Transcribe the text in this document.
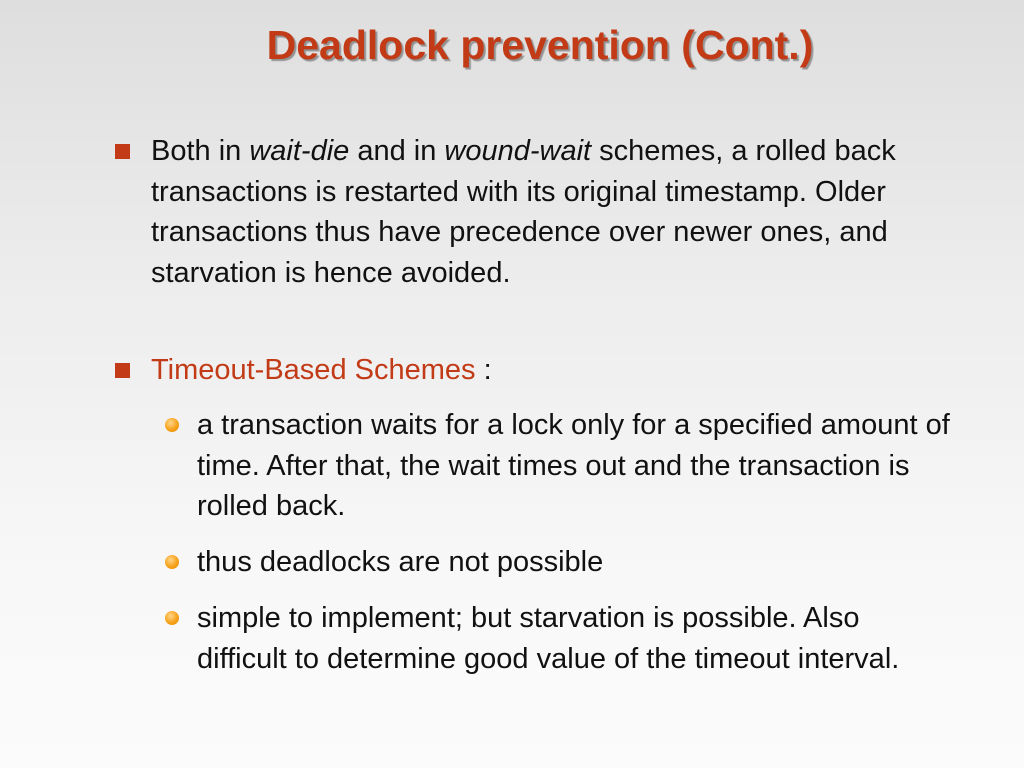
Deadlock prevention (Cont.)
Both in wait-die and in wound-wait schemes, a rolled back transactions is restarted with its original timestamp. Older transactions thus have precedence over newer ones, and starvation is hence avoided.
Timeout-Based Schemes :
a transaction waits for a lock only for a specified amount of time. After that, the wait times out and the transaction is rolled back.
thus deadlocks are not possible
simple to implement; but starvation is possible. Also difficult to determine good value of the timeout interval.
